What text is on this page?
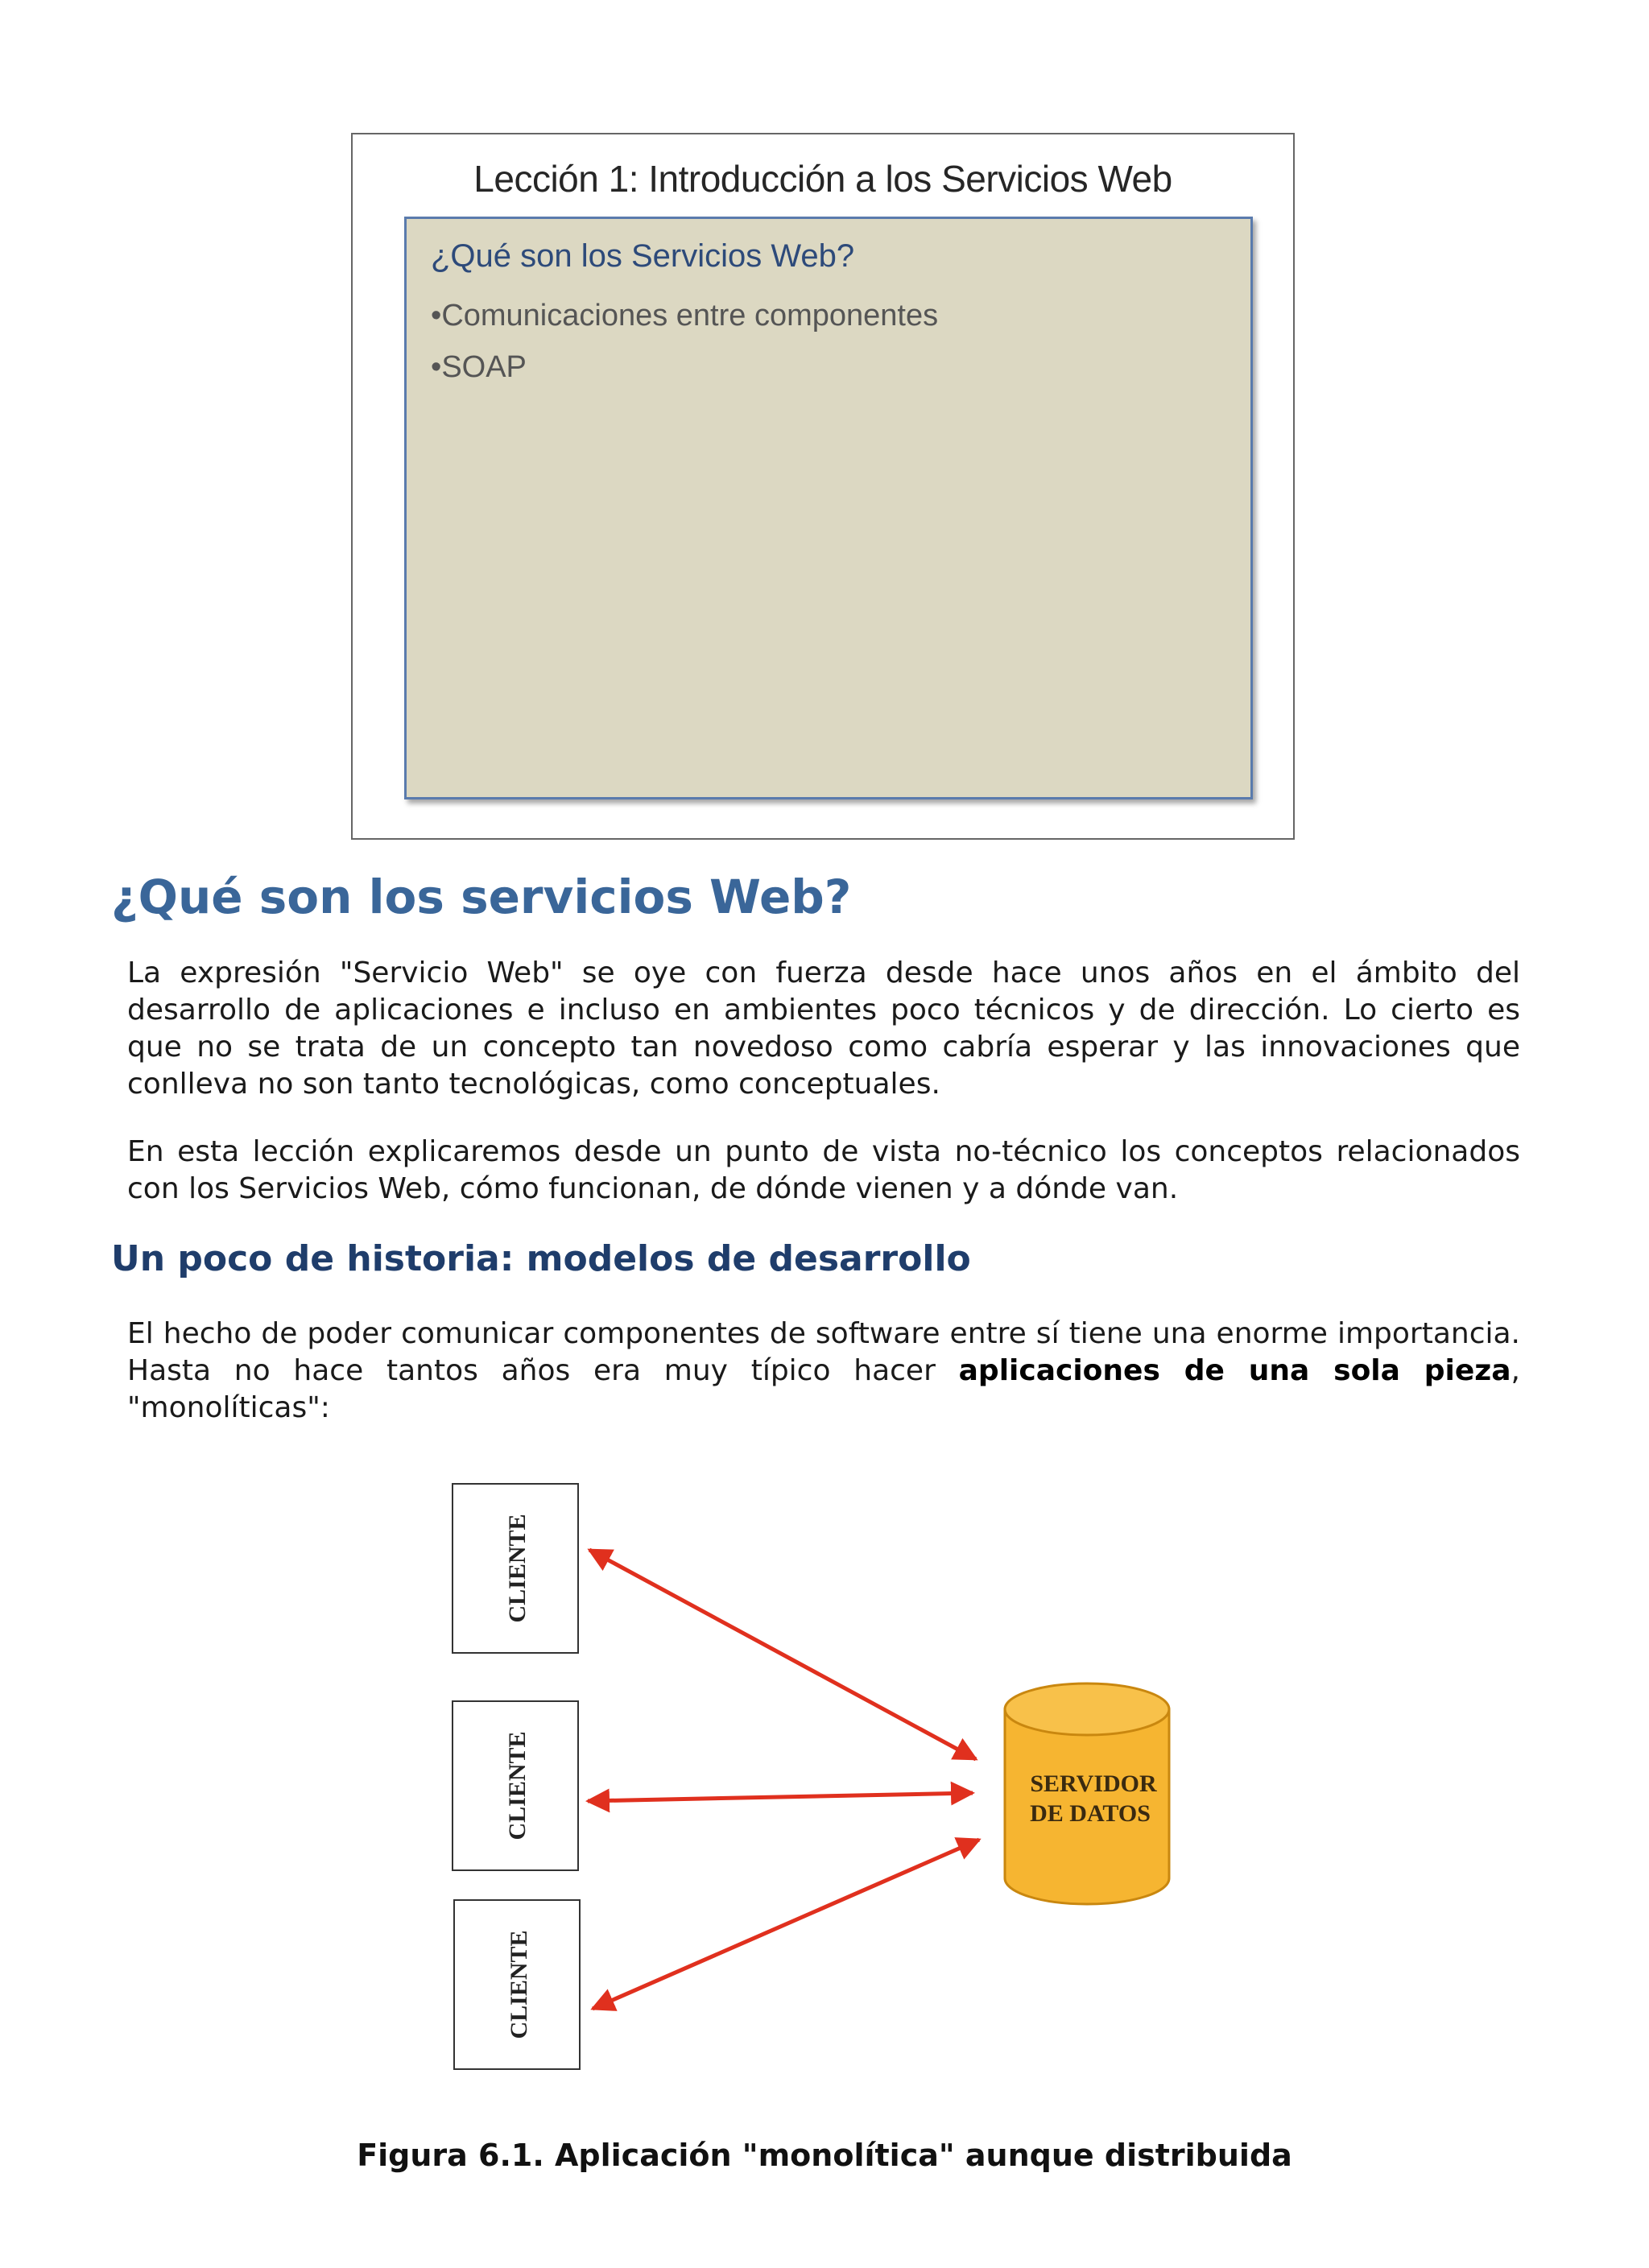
Lección 1: Introducción a los Servicios Web
¿Qué son los Servicios Web?
• Comunicaciones entre componentes
• SOAP
¿Qué son los servicios Web?

La expresión "Servicio Web" se oye con fuerza desde hace unos años en el ámbito del desarrollo de aplicaciones e incluso en ambientes poco técnicos y de dirección. Lo cierto es que no se trata de un concepto tan novedoso como cabría esperar y las innovaciones que conlleva no son tanto tecnológicas, como conceptuales.

En esta lección explicaremos desde un punto de vista no-técnico los conceptos relacionados con los Servicios Web, cómo funcionan, de dónde vienen y a dónde van.

Un poco de historia: modelos de desarrollo

El hecho de poder comunicar componentes de software entre sí tiene una enorme importancia. Hasta no hace tantos años era muy típico hacer aplicaciones de una sola pieza, "monolíticas":

CLIENTE
CLIENTE
CLIENTE
SERVIDOR
DE DATOS
Figura 6.1. Aplicación "monolítica" aunque distribuida
